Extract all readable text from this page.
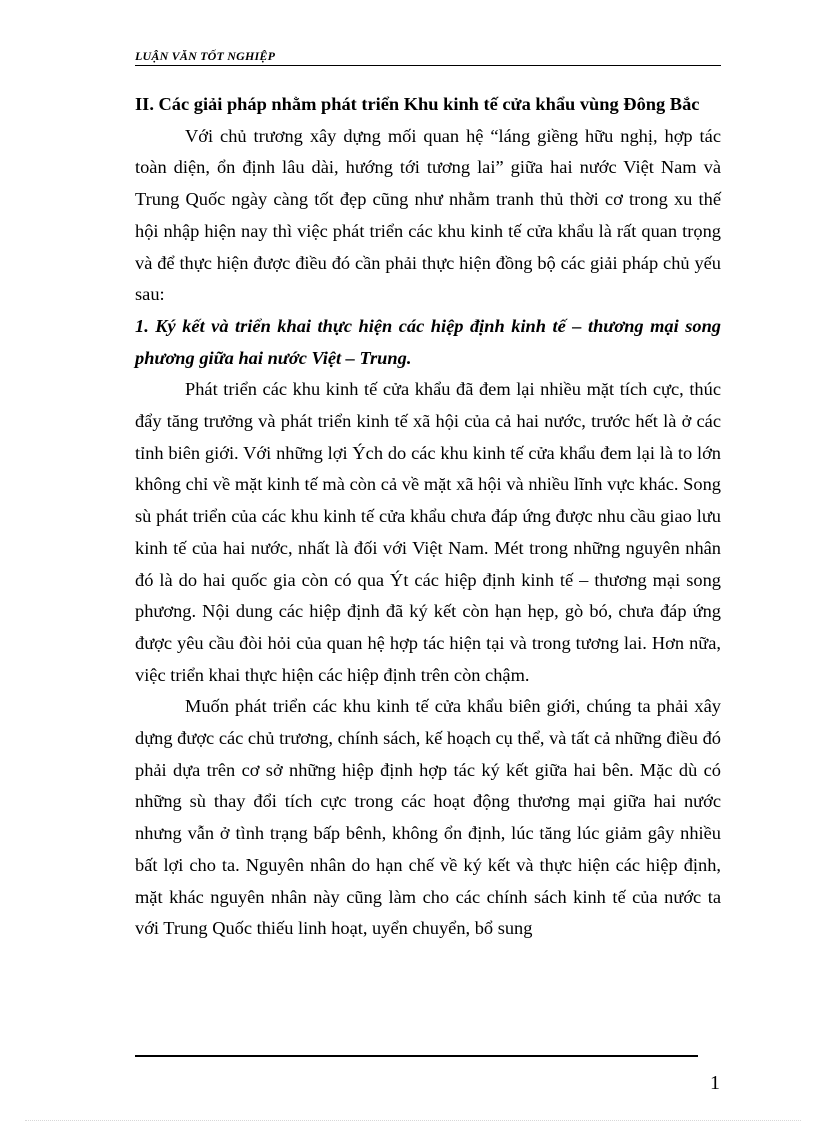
LUẬN VĂN TỐT NGHIỆP

II. Các giải pháp nhằm phát triển Khu kinh tế cửa khẩu vùng Đông Bắc

Với chủ trương xây dựng mối quan hệ “láng giềng hữu nghị, hợp tác toàn diện, ổn định lâu dài, hướng tới tương lai” giữa hai nước Việt Nam và Trung Quốc ngày càng tốt đẹp cũng như nhằm tranh thủ thời cơ trong xu thế hội nhập hiện nay thì việc phát triển các khu kinh tế cửa khẩu là rất quan trọng và để thực hiện được điều đó cần phải thực hiện đồng bộ các giải pháp chủ yếu sau:

1. Ký kết và triển khai thực hiện các hiệp định kinh tế – thương mại song phương giữa hai nước Việt – Trung.

Phát triển các khu kinh tế cửa khẩu đã đem lại nhiều mặt tích cực, thúc đẩy tăng trưởng và phát triển kinh tế xã hội của cả hai nước, trước hết là ở các tỉnh biên giới. Với những lợi Ých do các khu kinh tế cửa khẩu đem lại là to lớn không chỉ về mặt kinh tế mà còn cả về mặt xã hội và nhiều lĩnh vực khác. Song sù phát triển của các khu kinh tế cửa khẩu chưa đáp ứng được nhu cầu giao lưu kinh tế của hai nước, nhất là đối với Việt Nam. Mét trong những nguyên nhân đó là do hai quốc gia còn có qua Ýt các hiệp định kinh tế – thương mại song phương. Nội dung các hiệp định đã ký kết còn hạn hẹp, gò bó, chưa đáp ứng được yêu cầu đòi hỏi của quan hệ hợp tác hiện tại và trong tương lai. Hơn nữa, việc triển khai thực hiện các hiệp định trên còn chậm.

Muốn phát triển các khu kinh tế cửa khẩu biên giới, chúng ta phải xây dựng được các chủ trương, chính sách, kế hoạch cụ thể, và tất cả những điều đó phải dựa trên cơ sở những hiệp định hợp tác ký kết giữa hai bên. Mặc dù có những sù thay đổi tích cực trong các hoạt động thương mại giữa hai nước nhưng vẫn ở tình trạng bấp bênh, không ổn định, lúc tăng lúc giảm gây nhiều bất lợi cho ta. Nguyên nhân do hạn chế về ký kết và thực hiện các hiệp định, mặt khác nguyên nhân này cũng làm cho các chính sách kinh tế của nước ta với Trung Quốc thiếu linh hoạt, uyển chuyển, bổ sung

1
